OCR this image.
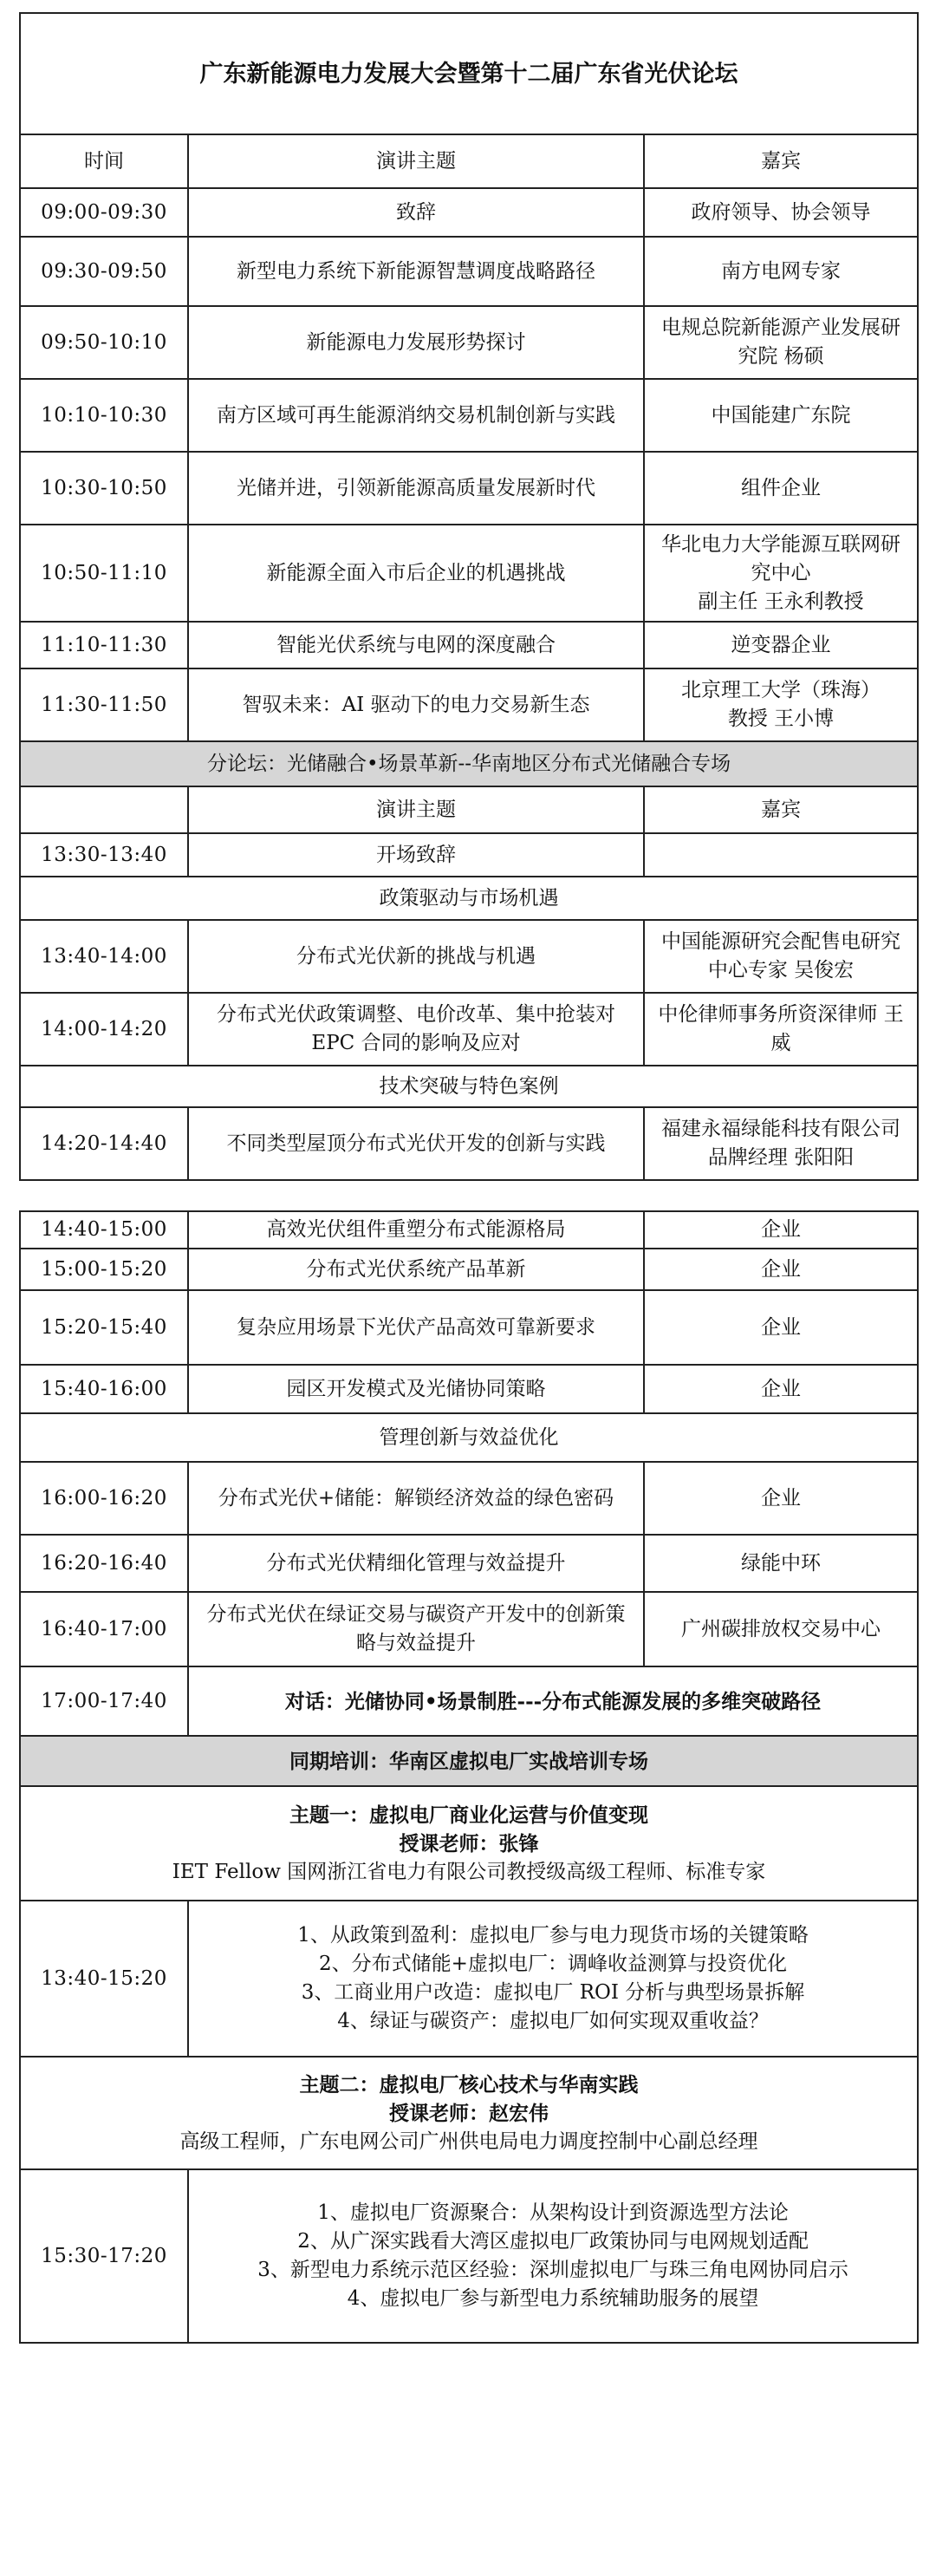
广东新能源电力发展大会暨第十二届广东省光伏论坛		
时间	演讲主题	嘉宾
09:00-09:30	致辞	政府领导、协会领导
09:30-09:50	新型电力系统下新能源智慧调度战略路径	南方电网专家
09:50-10:10	新能源电力发展形势探讨	电规总院新能源产业发展研究院 杨硕
10:10-10:30	南方区域可再生能源消纳交易机制创新与实践	中国能建广东院
10:30-10:50	光储并进，引领新能源高质量发展新时代	组件企业
10:50-11:10	新能源全面入市后企业的机遇挑战	华北电力大学能源互联网研究中心
副主任 王永利教授
11:10-11:30	智能光伏系统与电网的深度融合	逆变器企业
11:30-11:50	智驭未来：AI 驱动下的电力交易新生态	北京理工大学（珠海）
教授 王小博
分论坛：光储融合•场景革新--华南地区分布式光储融合专场		
	演讲主题	嘉宾
13:30-13:40	开场致辞	
政策驱动与市场机遇		
13:40-14:00	分布式光伏新的挑战与机遇	中国能源研究会配售电研究中心专家 吴俊宏
14:00-14:20	分布式光伏政策调整、电价改革、集中抢装对 EPC 合同的影响及应对	中伦律师事务所资深律师 王威
技术突破与特色案例		
14:20-14:40	不同类型屋顶分布式光伏开发的创新与实践	福建永福绿能科技有限公司品牌经理 张阳阳

14:40-15:00	高效光伏组件重塑分布式能源格局	企业
15:00-15:20	分布式光伏系统产品革新	企业
15:20-15:40	复杂应用场景下光伏产品高效可靠新要求	企业
15:40-16:00	园区开发模式及光储协同策略	企业
管理创新与效益优化		
16:00-16:20	分布式光伏+储能：解锁经济效益的绿色密码	企业
16:20-16:40	分布式光伏精细化管理与效益提升	绿能中环
16:40-17:00	分布式光伏在绿证交易与碳资产开发中的创新策略与效益提升	广州碳排放权交易中心
17:00-17:40	对话：光储协同•场景制胜---分布式能源发展的多维突破路径	
同期培训：华南区虚拟电厂实战培训专场		

主题一：虚拟电厂商业化运营与价值变现
授课老师：张锋
IET Fellow 国网浙江省电力有限公司教授级高级工程师、标准专家		

13:40-15:20	1、从政策到盈利：虚拟电厂参与电力现货市场的关键策略
2、分布式储能+虚拟电厂：调峰收益测算与投资优化
3、工商业用户改造：虚拟电厂 ROI 分析与典型场景拆解
4、绿证与碳资产：虚拟电厂如何实现双重收益？	

主题二：虚拟电厂核心技术与华南实践
授课老师：赵宏伟
高级工程师，广东电网公司广州供电局电力调度控制中心副总经理		

15:30-17:20	1、虚拟电厂资源聚合：从架构设计到资源选型方法论
2、从广深实践看大湾区虚拟电厂政策协同与电网规划适配
3、新型电力系统示范区经验：深圳虚拟电厂与珠三角电网协同启示
4、虚拟电厂参与新型电力系统辅助服务的展望	
